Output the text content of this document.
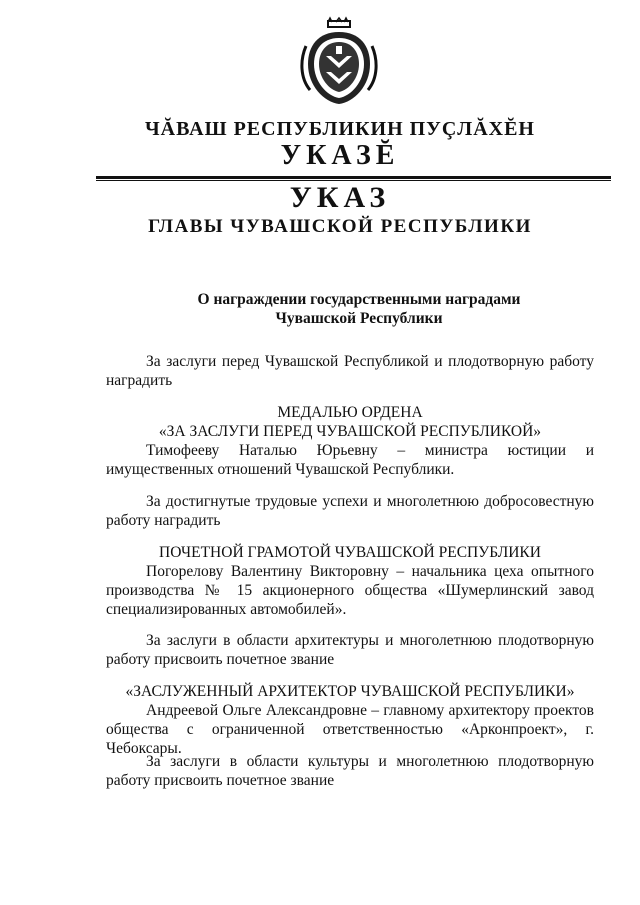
ЧĂВАШ РЕСПУБЛИКИН ПУÇЛĂХĔН
УКАЗĔ
УКАЗ
ГЛАВЫ ЧУВАШСКОЙ РЕСПУБЛИКИ
О награждении государственными наградами
Чувашской Республики

За заслуги перед Чувашской Республикой и плодотворную работу наградить

МЕДАЛЬЮ ОРДЕНА

«ЗА ЗАСЛУГИ ПЕРЕД ЧУВАШСКОЙ РЕСПУБЛИКОЙ»

Тимофееву Наталью Юрьевну – министра юстиции и имущественных отношений Чувашской Республики.

За достигнутые трудовые успехи и многолетнюю добросовестную работу наградить

ПОЧЕТНОЙ ГРАМОТОЙ ЧУВАШСКОЙ РЕСПУБЛИКИ

Погорелову Валентину Викторовну – начальника цеха опытного производства № 15 акционерного общества «Шумерлинский завод специализированных автомобилей».

За заслуги в области архитектуры и многолетнюю плодотворную работу присвоить почетное звание

«ЗАСЛУЖЕННЫЙ АРХИТЕКТОР ЧУВАШСКОЙ РЕСПУБЛИКИ»

Андреевой Ольге Александровне – главному архитектору проектов общества с ограниченной ответственностью «Арконпроект», г. Чебоксары.

За заслуги в области культуры и многолетнюю плодотворную работу присвоить почетное звание
